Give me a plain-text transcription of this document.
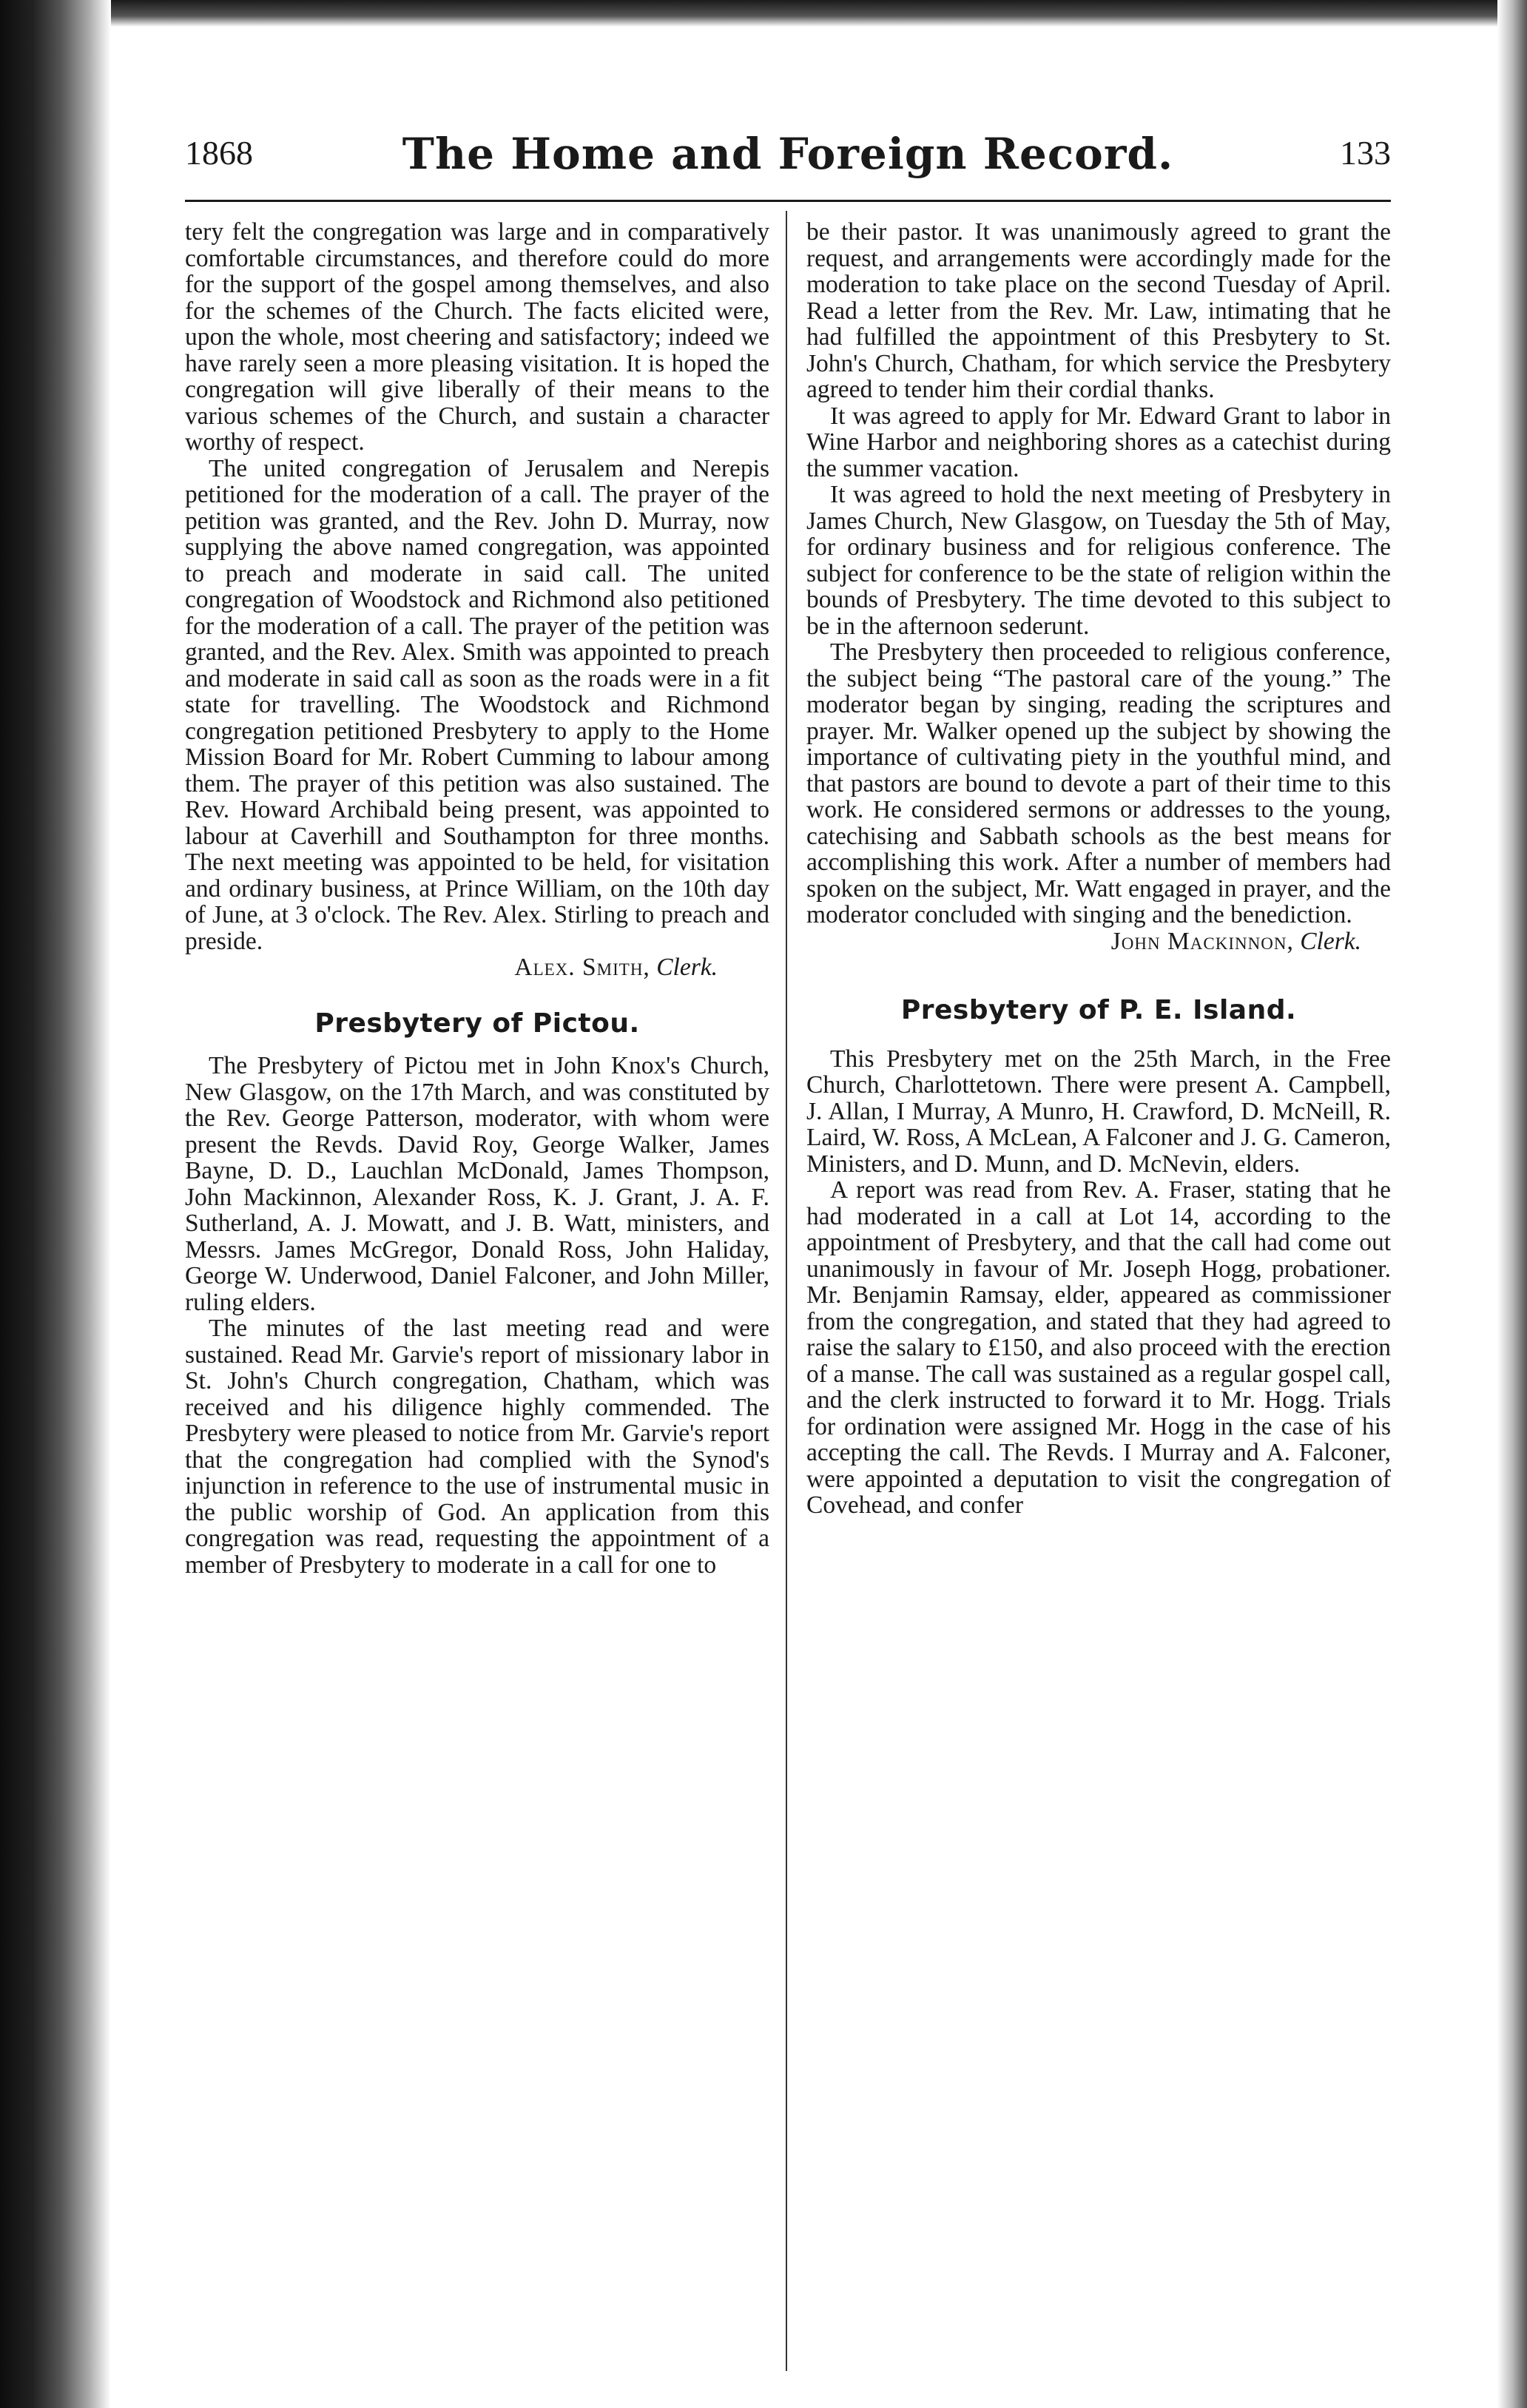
1868	The Home and Foreign Record.	133

tery felt the congregation was large and in comparatively comfortable circumstances, and therefore could do more for the support of the gospel among themselves, and also for the schemes of the Church. The facts elicited were, upon the whole, most cheering and satisfactory; indeed we have rarely seen a more pleasing visitation. It is hoped the congregation will give liberally of their means to the various schemes of the Church, and sustain a character worthy of respect.

The united congregation of Jerusalem and Nerepis petitioned for the moderation of a call. The prayer of the petition was granted, and the Rev. John D. Murray, now supplying the above named congregation, was appointed to preach and moderate in said call. The united congregation of Woodstock and Richmond also petitioned for the moderation of a call. The prayer of the petition was granted, and the Rev. Alex. Smith was appointed to preach and moderate in said call as soon as the roads were in a fit state for travelling. The Woodstock and Richmond congregation petitioned Presbytery to apply to the Home Mission Board for Mr. Robert Cumming to labour among them. The prayer of this petition was also sustained. The Rev. Howard Archibald being present, was appointed to labour at Caverhill and Southampton for three months. The next meeting was appointed to be held, for visitation and ordinary business, at Prince William, on the 10th day of June, at 3 o'clock. The Rev. Alex. Stirling to preach and preside.

Alex. Smith, Clerk.

Presbytery of Pictou.

The Presbytery of Pictou met in John Knox's Church, New Glasgow, on the 17th March, and was constituted by the Rev. George Patterson, moderator, with whom were present the Revds. David Roy, George Walker, James Bayne, D. D., Lauchlan McDonald, James Thompson, John Mackinnon, Alexander Ross, K. J. Grant, J. A. F. Sutherland, A. J. Mowatt, and J. B. Watt, ministers, and Messrs. James McGregor, Donald Ross, John Haliday, George W. Underwood, Daniel Falconer, and John Miller, ruling elders.

The minutes of the last meeting read and were sustained. Read Mr. Garvie's report of missionary labor in St. John's Church congregation, Chatham, which was received and his diligence highly commended. The Presbytery were pleased to notice from Mr. Garvie's report that the congregation had complied with the Synod's injunction in reference to the use of instrumental music in the public worship of God. An application from this congregation was read, requesting the appointment of a member of Presbytery to moderate in a call for one to

be their pastor. It was unanimously agreed to grant the request, and arrangements were accordingly made for the moderation to take place on the second Tuesday of April. Read a letter from the Rev. Mr. Law, intimating that he had fulfilled the appointment of this Presbytery to St. John's Church, Chatham, for which service the Presbytery agreed to tender him their cordial thanks.

It was agreed to apply for Mr. Edward Grant to labor in Wine Harbor and neighboring shores as a catechist during the summer vacation.

It was agreed to hold the next meeting of Presbytery in James Church, New Glasgow, on Tuesday the 5th of May, for ordinary business and for religious conference. The subject for conference to be the state of religion within the bounds of Presbytery. The time devoted to this subject to be in the afternoon sederunt.

The Presbytery then proceeded to religious conference, the subject being “The pastoral care of the young.” The moderator began by singing, reading the scriptures and prayer. Mr. Walker opened up the subject by showing the importance of cultivating piety in the youthful mind, and that pastors are bound to devote a part of their time to this work. He considered sermons or addresses to the young, catechising and Sabbath schools as the best means for accomplishing this work. After a number of members had spoken on the subject, Mr. Watt engaged in prayer, and the moderator concluded with singing and the benediction.

John Mackinnon, Clerk.

Presbytery of P. E. Island.

This Presbytery met on the 25th March, in the Free Church, Charlottetown. There were present A. Campbell, J. Allan, I Murray, A Munro, H. Crawford, D. McNeill, R. Laird, W. Ross, A McLean, A Falconer and J. G. Cameron, Ministers, and D. Munn, and D. McNevin, elders.

A report was read from Rev. A. Fraser, stating that he had moderated in a call at Lot 14, according to the appointment of Presbytery, and that the call had come out unanimously in favour of Mr. Joseph Hogg, probationer. Mr. Benjamin Ramsay, elder, appeared as commissioner from the congregation, and stated that they had agreed to raise the salary to £150, and also proceed with the erection of a manse. The call was sustained as a regular gospel call, and the clerk instructed to forward it to Mr. Hogg. Trials for ordination were assigned Mr. Hogg in the case of his accepting the call. The Revds. I Murray and A. Falconer, were appointed a deputation to visit the congregation of Covehead, and confer
